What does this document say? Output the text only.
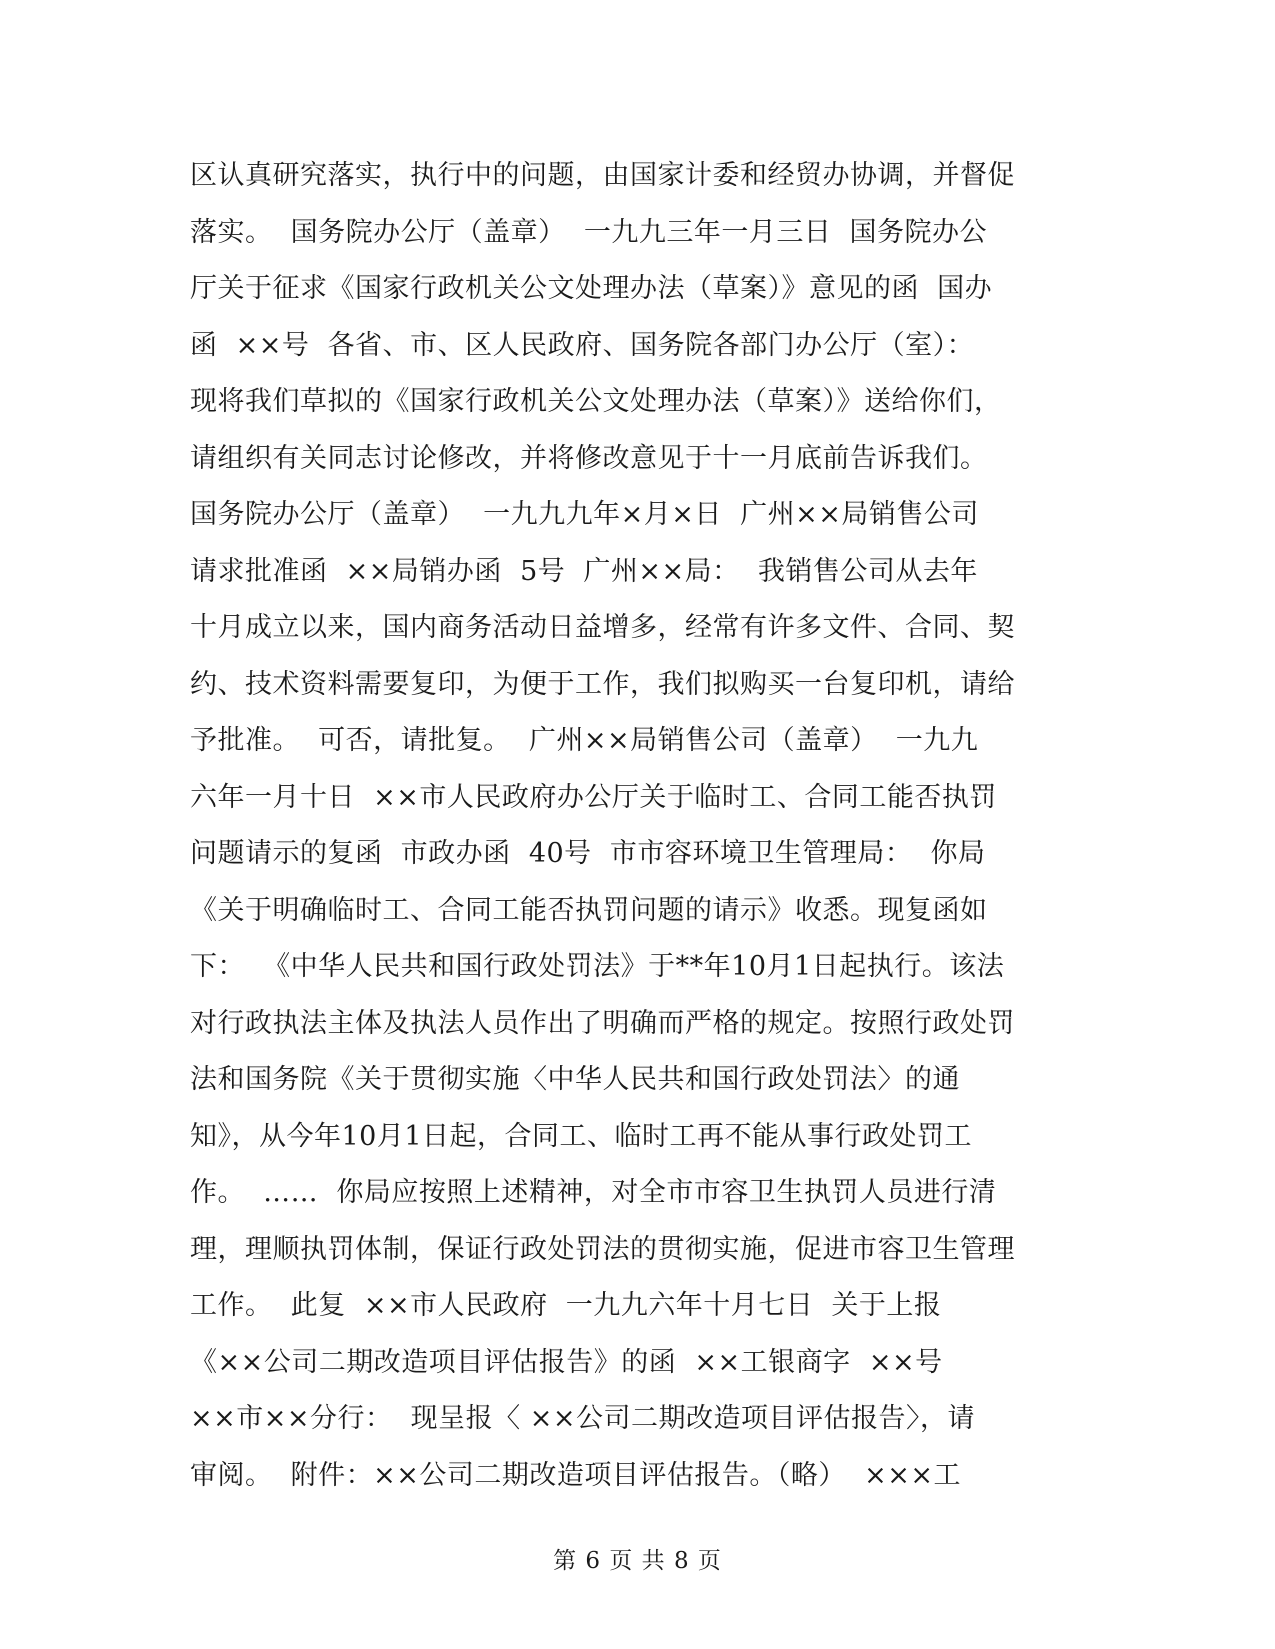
区认真研究落实，执行中的问题，由国家计委和经贸办协调，并督促
落实。  国务院办公厅（盖章）  一九九三年一月三日  国务院办公
厅关于征求《国家行政机关公文处理办法（草案）》意见的函  国办
函  ××号  各省、市、区人民政府、国务院各部门办公厅（室）：
现将我们草拟的《国家行政机关公文处理办法（草案）》送给你们，
请组织有关同志讨论修改，并将修改意见于十一月底前告诉我们。
国务院办公厅（盖章）  一九九九年×月×日  广州××局销售公司
请求批准函  ××局销办函  5号  广州××局：  我销售公司从去年
十月成立以来，国内商务活动日益增多，经常有许多文件、合同、契
约、技术资料需要复印，为便于工作，我们拟购买一台复印机，请给
予批准。  可否，请批复。  广州××局销售公司（盖章）  一九九
六年一月十日  ××市人民政府办公厅关于临时工、合同工能否执罚
问题请示的复函  市政办函  40号  市市容环境卫生管理局：  你局
《关于明确临时工、合同工能否执罚问题的请示》收悉。现复函如
下：  《中华人民共和国行政处罚法》于**年10月1日起执行。该法
对行政执法主体及执法人员作出了明确而严格的规定。按照行政处罚
法和国务院《关于贯彻实施〈中华人民共和国行政处罚法〉的通
知》，从今年10月1日起，合同工、临时工再不能从事行政处罚工
作。  ……  你局应按照上述精神，对全市市容卫生执罚人员进行清
理，理顺执罚体制，保证行政处罚法的贯彻实施，促进市容卫生管理
工作。  此复  ××市人民政府  一九九六年十月七日  关于上报
《××公司二期改造项目评估报告》的函  ××工银商字  ××号
××市××分行：  现呈报〈 ××公司二期改造项目评估报告〉，请
审阅。  附件：××公司二期改造项目评估报告。（略）  ×××工
第 6 页 共 8 页
